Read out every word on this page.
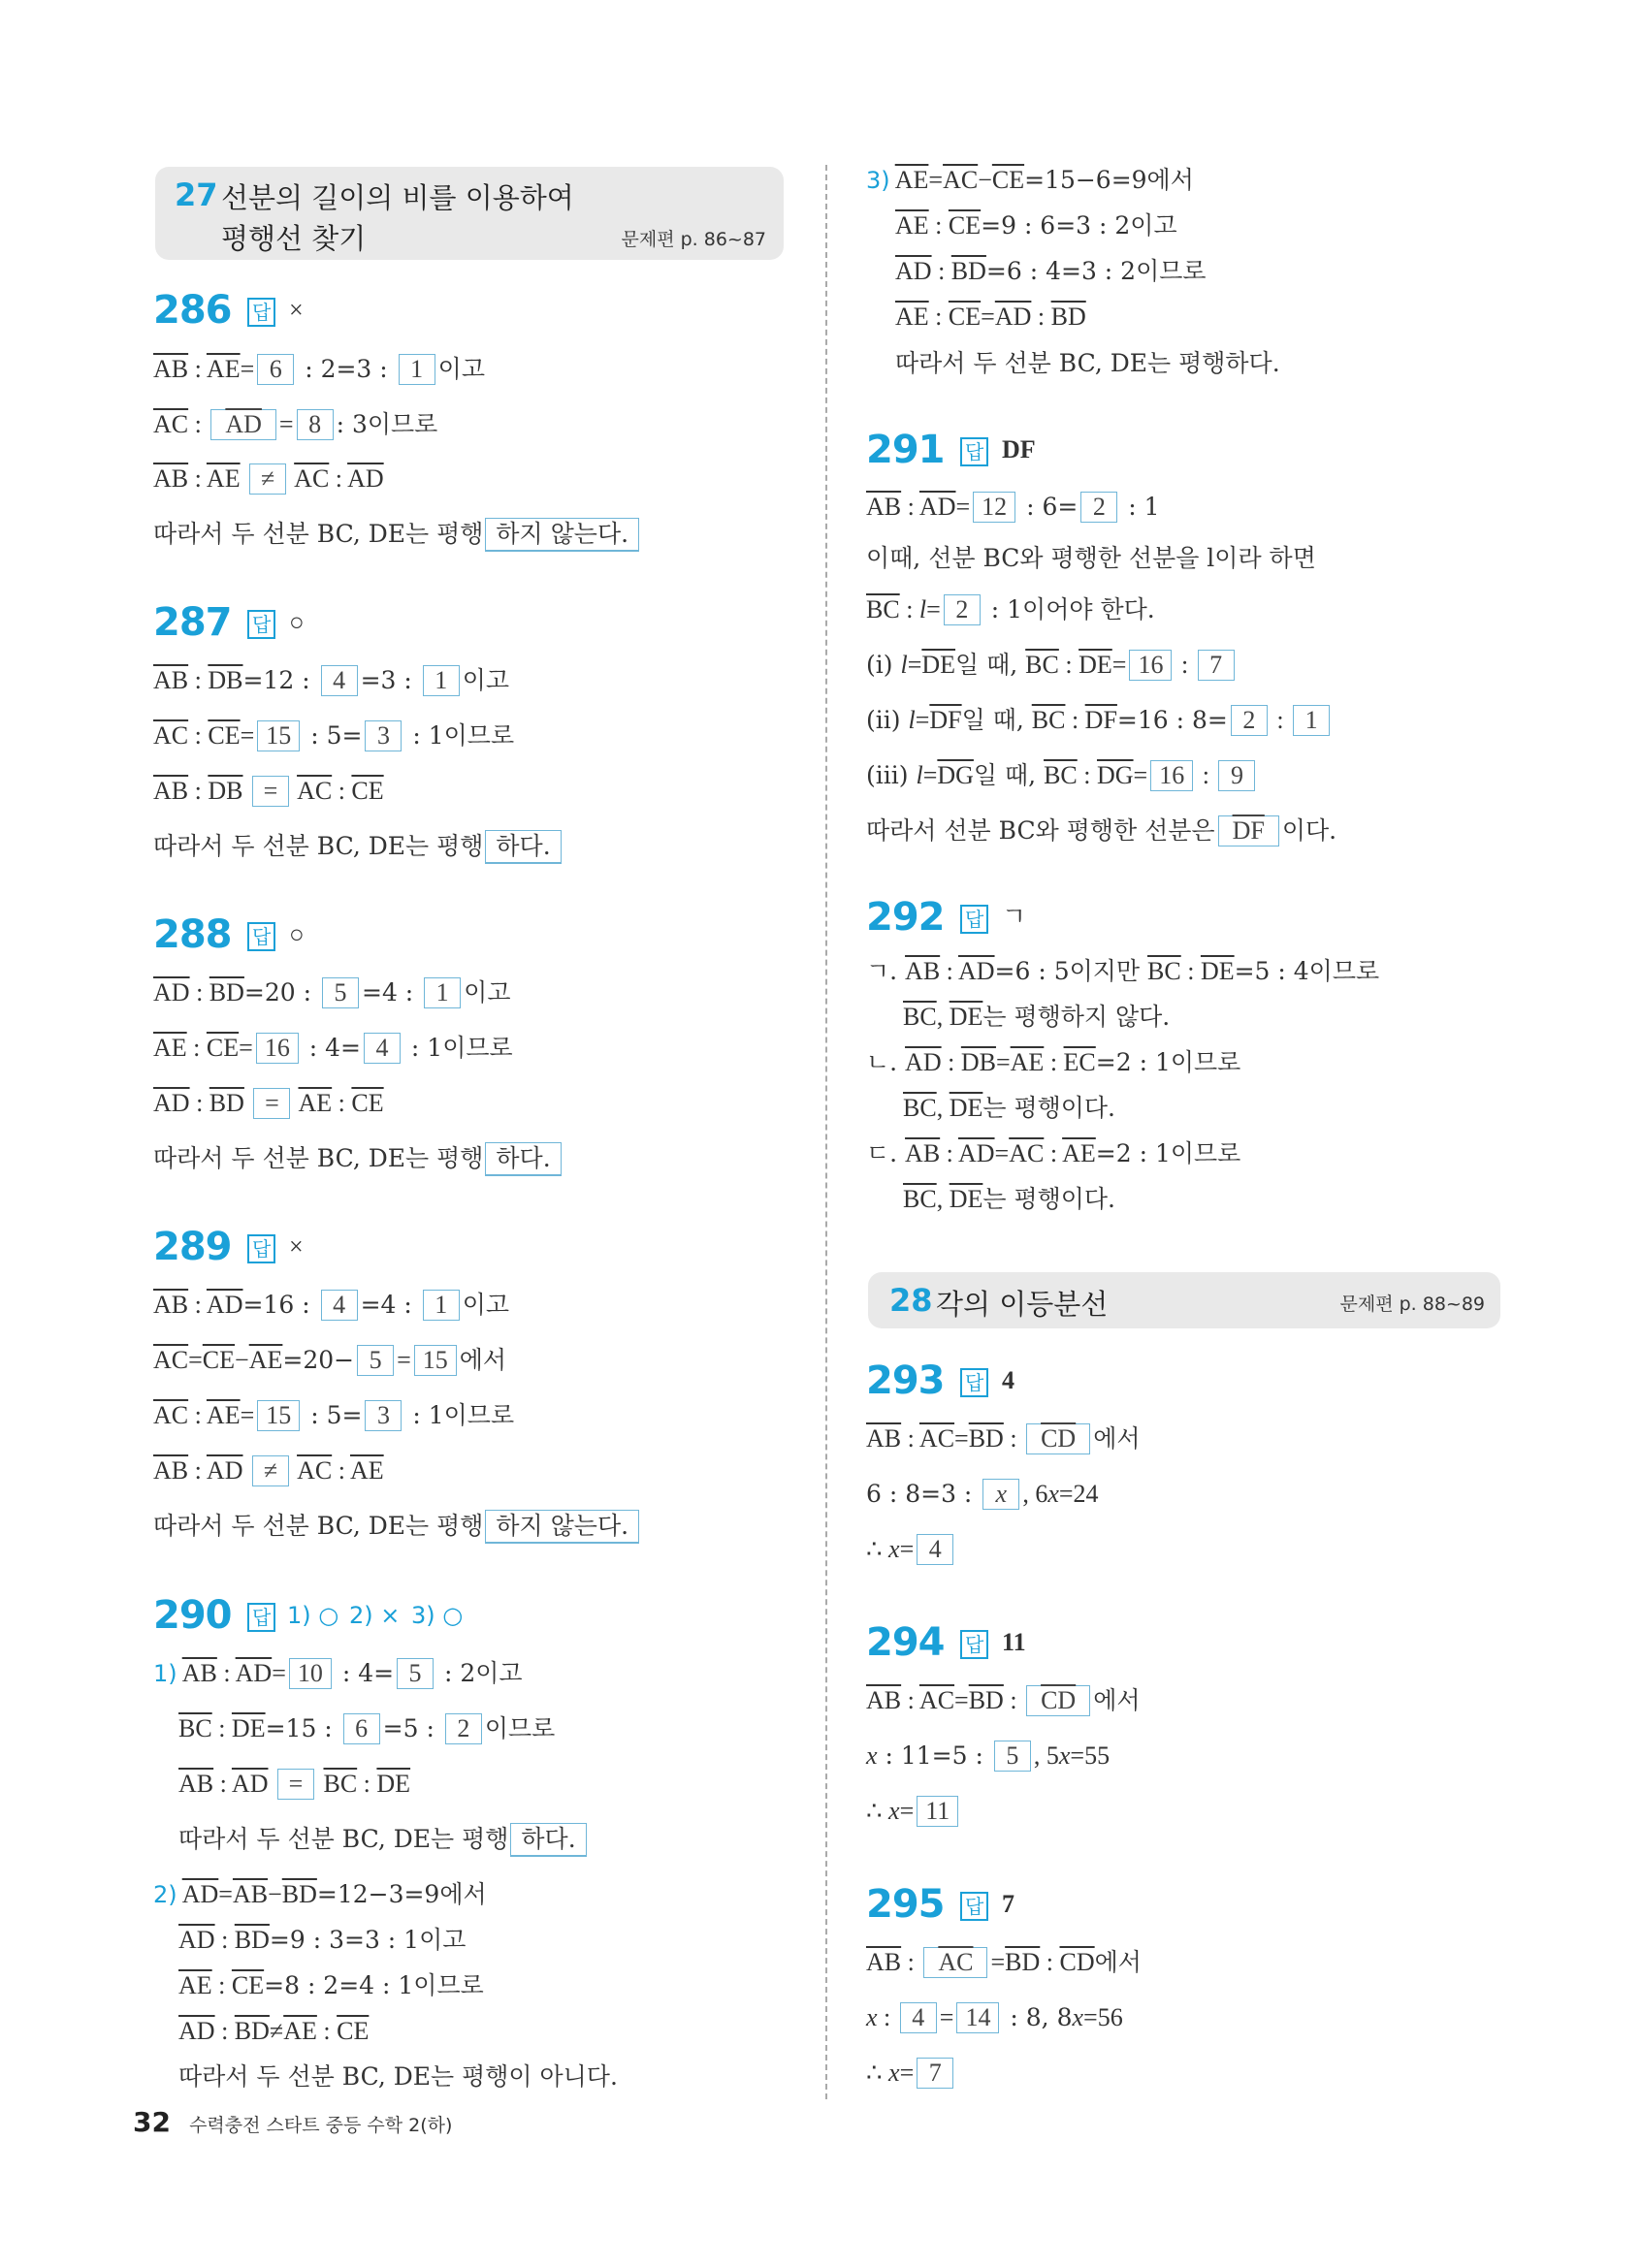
27 선분의 길이의 비를 이용하여
평행선 찾기	문제편 p. 86~87
286 답 ×
$\overline{AB}$ : $\overline{AE}= 6$ : 2=3 : 1 이고
$\overline{AC}$ : $\overline{AD} = 8$ : 3이므로
$\overline{AB}$ : $\overline{AE} \ne \overline{AC}$ : $\overline{AD}$
따라서 두 선분 BC, DE는 평행 하지 않는다.
287 답 ○
$\overline{AB}$ : $\overline{DB}=12$ : 4 =3 : 1 이고
$\overline{AC}$ : $\overline{CE}= 15$ : 5= 3 : 1이므로
$\overline{AB}$ : $\overline{DB} = \overline{AC}$ : $\overline{CE}$
따라서 두 선분 BC, DE는 평행 하다.
288 답 ○
$\overline{AD}$ : $\overline{BD}=20$ : 5 =4 : 1 이고
$\overline{AE}$ : $\overline{CE}= 16$ : 4= 4 : 1이므로
$\overline{AD}$ : $\overline{BD} = \overline{AE}$ : $\overline{CE}$
따라서 두 선분 BC, DE는 평행 하다.
289 답 ×
$\overline{AB}$ : $\overline{AD}=16$ : 4 =4 : 1 이고
$\overline{AC}=\overline{CE}-\overline{AE}=20- 5 = 15$ 에서
$\overline{AC}$ : $\overline{AE}= 15$ : 5= 3 : 1이므로
$\overline{AB}$ : $\overline{AD} \ne \overline{AC}$ : $\overline{AE}$
따라서 두 선분 BC, DE는 평행 하지 않는다.
290 답 1) ○ 2) × 3) ○
1) $\overline{AB}$ : $\overline{AD}= 10$ : 4= 5 : 2이고
$\overline{BC}$ : $\overline{DE}=15$ : 6 =5 : 2 이므로
$\overline{AB}$ : $\overline{AD} = \overline{BC}$ : $\overline{DE}$
따라서 두 선분 BC, DE는 평행 하다.
2) $\overline{AD}=\overline{AB}-\overline{BD}=12-3=9$에서
$\overline{AD}$ : $\overline{BD}=9$ : 3=3 : 1이고
$\overline{AE}$ : $\overline{CE}=8$ : 2=4 : 1이므로
$\overline{AD}$ : $\overline{BD}\ne\overline{AE}$ : $\overline{CE}$
따라서 두 선분 BC, DE는 평행이 아니다.
3) $\overline{AE}=\overline{AC}-\overline{CE}=15-6=9$에서
$\overline{AE}$ : $\overline{CE}=9$ : 6=3 : 2이고
$\overline{AD}$ : $\overline{BD}=6$ : 4=3 : 2이므로
$\overline{AE}$ : $\overline{CE}=\overline{AD}$ : $\overline{BD}$
따라서 두 선분 BC, DE는 평행하다.
291 답 DF
$\overline{AB}$ : $\overline{AD}= 12$ : 6= 2 : 1
이때, 선분 BC와 평행한 선분을 l이라 하면
$\overline{BC}$ : l= 2 : 1이어야 한다.
(i) $l=\overline{DE}$일 때, $\overline{BC}$ : $\overline{DE}= 16$ : 7
(ii) $l=\overline{DF}$일 때, $\overline{BC}$ : $\overline{DF}=16$ : 8= 2 : 1
(iii) $l=\overline{DG}$일 때, $\overline{BC}$ : $\overline{DG}= 16$ : 9
따라서 선분 BC와 평행한 선분은 $\overline{DF}$ 이다.
292 답 ㄱ
ㄱ. $\overline{AB}$ : $\overline{AD}=6$ : 5이지만 $\overline{BC}$ : $\overline{DE}=5$ : 4이므로
$\overline{BC}$, $\overline{DE}$는 평행하지 않다.
ㄴ. $\overline{AD}$ : $\overline{DB}=\overline{AE}$ : $\overline{EC}=2$ : 1이므로
$\overline{BC}$, $\overline{DE}$는 평행이다.
ㄷ. $\overline{AB}$ : $\overline{AD}=\overline{AC}$ : $\overline{AE}=2$ : 1이므로
$\overline{BC}$, $\overline{DE}$는 평행이다.
28 각의 이등분선	문제편 p. 88~89
293 답 4
$\overline{AB}$ : $\overline{AC}=\overline{BD}$ : $\overline{CD}$ 에서
6 : 8=3 : x , 6x=24
∴ x= 4
294 답 11
$\overline{AB}$ : $\overline{AC}=\overline{BD}$ : $\overline{CD}$ 에서
x : 11=5 : 5 , 5x=55
∴ x= 11
295 답 7
$\overline{AB}$ : $\overline{AC} =\overline{BD}$ : $\overline{CD}$에서
x : 4 = 14 : 8, 8x=56
∴ x= 7
32 수력충전 스타트 중등 수학 2(하)
